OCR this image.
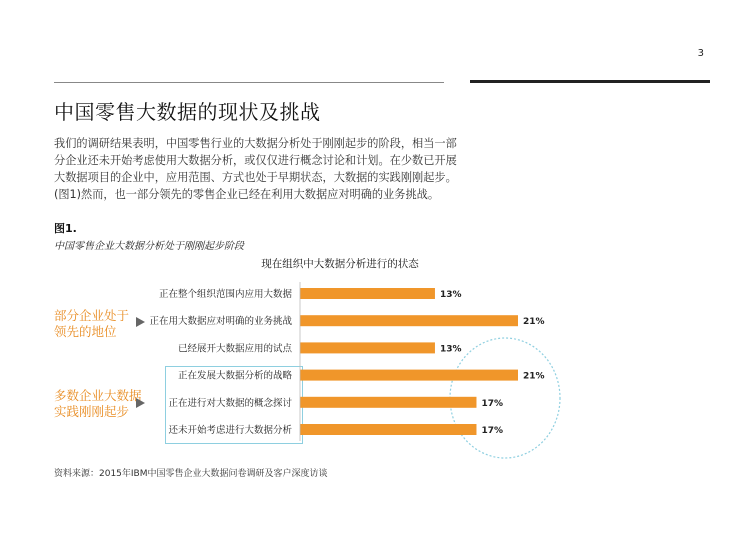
3
中国零售大数据的现状及挑战
我们的调研结果表明，中国零售行业的大数据分析处于刚刚起步的阶段，相当一部分企业还未开始考虑使用大数据分析，或仅仅进行概念讨论和计划。在少数已开展大数据项目的企业中，应用范围、方式也处于早期状态，大数据的实践刚刚起步。(图1)然而，也一部分领先的零售企业已经在利用大数据应对明确的业务挑战。
图1.
中国零售企业大数据分析处于刚刚起步阶段
现在组织中大数据分析进行的状态
部分企业处于领先的地位
多数企业大数据实践刚刚起步
正在整个组织范围内应用大数据	13%
正在用大数据应对明确的业务挑战	21%
已经展开大数据应用的试点	13%
正在发展大数据分析的战略	21%
正在进行对大数据的概念探讨	17%
还未开始考虑进行大数据分析	17%
资料来源：2015年IBM中国零售企业大数据问卷调研及客户深度访谈
